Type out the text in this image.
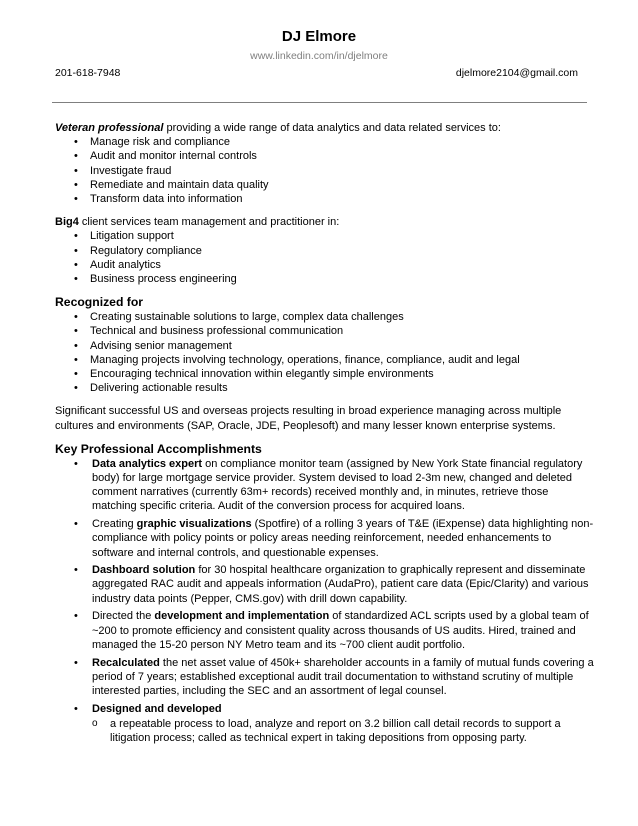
DJ Elmore
www.linkedin.com/in/djelmore
201-618-7948	djelmore2104@gmail.com

Veteran professional providing a wide range of data analytics and data related services to:

• Manage risk and compliance
• Audit and monitor internal controls
• Investigate fraud
• Remediate and maintain data quality
• Transform data into information

Big4 client services team management and practitioner in:

• Litigation support
• Regulatory compliance
• Audit analytics
• Business process engineering

Recognized for

• Creating sustainable solutions to large, complex data challenges
• Technical and business professional communication
• Advising senior management
• Managing projects involving technology, operations, finance, compliance, audit and legal
• Encouraging technical innovation within elegantly simple environments
• Delivering actionable results

Significant successful US and overseas projects resulting in broad experience managing across multiple cultures and environments (SAP, Oracle, JDE, Peoplesoft) and many lesser known enterprise systems.

Key Professional Accomplishments

• Data analytics expert on compliance monitor team (assigned by New York State financial regulatory body) for large mortgage service provider. System devised to load 2-3m new, changed and deleted comment narratives (currently 63m+ records) received monthly and, in minutes, retrieve those matching specific criteria. Audit of the conversion process for acquired loans.
• Creating graphic visualizations (Spotfire) of a rolling 3 years of T&E (iExpense) data highlighting non-compliance with policy points or policy areas needing reinforcement, needed enhancements to software and internal controls, and questionable expenses.
• Dashboard solution for 30 hospital healthcare organization to graphically represent and disseminate aggregated RAC audit and appeals information (AudaPro), patient care data (Epic/Clarity) and various industry data points (Pepper, CMS.gov) with drill down capability.
• Directed the development and implementation of standardized ACL scripts used by a global team of ~200 to promote efficiency and consistent quality across thousands of US audits. Hired, trained and managed the 15-20 person NY Metro team and its ~700 client audit portfolio.
• Recalculated the net asset value of 450k+ shareholder accounts in a family of mutual funds covering a period of 7 years; established exceptional audit trail documentation to withstand scrutiny of multiple interested parties, including the SEC and an assortment of legal counsel.
• Designed and developed
o a repeatable process to load, analyze and report on 3.2 billion call detail records to support a litigation process; called as technical expert in taking depositions from opposing party.
